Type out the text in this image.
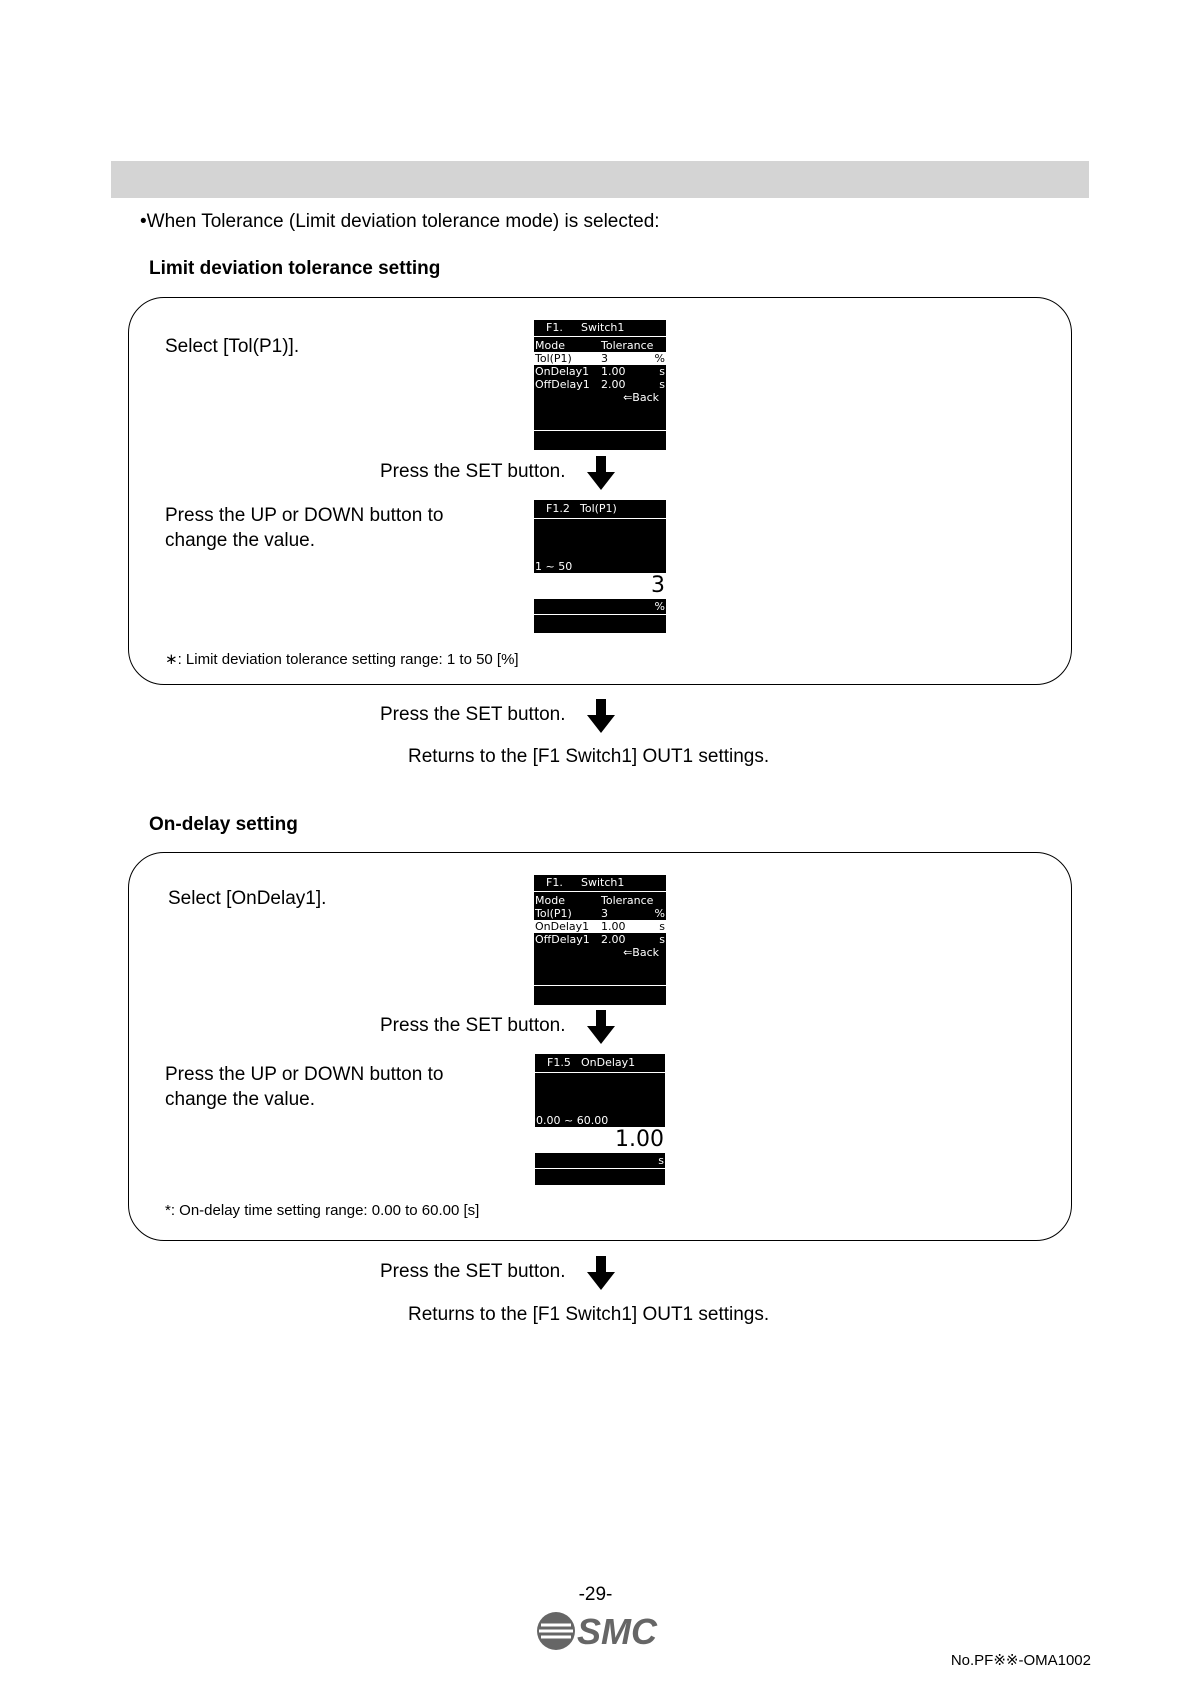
•When Tolerance (Limit deviation tolerance mode) is selected:
Limit deviation tolerance setting
Select [Tol(P1)].
F1. Switch1
Mode	Tolerance
Tol(P1)	3	%
OnDelay1 1.00	s
OffDelay1 2.00	s
⇐Back
Press the SET button.
Press the UP or DOWN button to
change the value.
F1.2 Tol(P1)
1 ~ 50
3
%
∗: Limit deviation tolerance setting range: 1 to 50 [%]
Press the SET button.
Returns to the [F1 Switch1] OUT1 settings.
On-delay setting
Select [OnDelay1].
F1. Switch1
Mode	Tolerance
Tol(P1)	3	%
OnDelay1 1.00	s
OffDelay1 2.00	s
⇐Back
Press the SET button.
Press the UP or DOWN button to
change the value.
F1.5 OnDelay1
0.00 ~ 60.00
1.00
s
*: On-delay time setting range: 0.00 to 60.00 [s]
Press the SET button.
Returns to the [F1 Switch1] OUT1 settings.
-29-
SMC
No.PF※※-OMA1002
